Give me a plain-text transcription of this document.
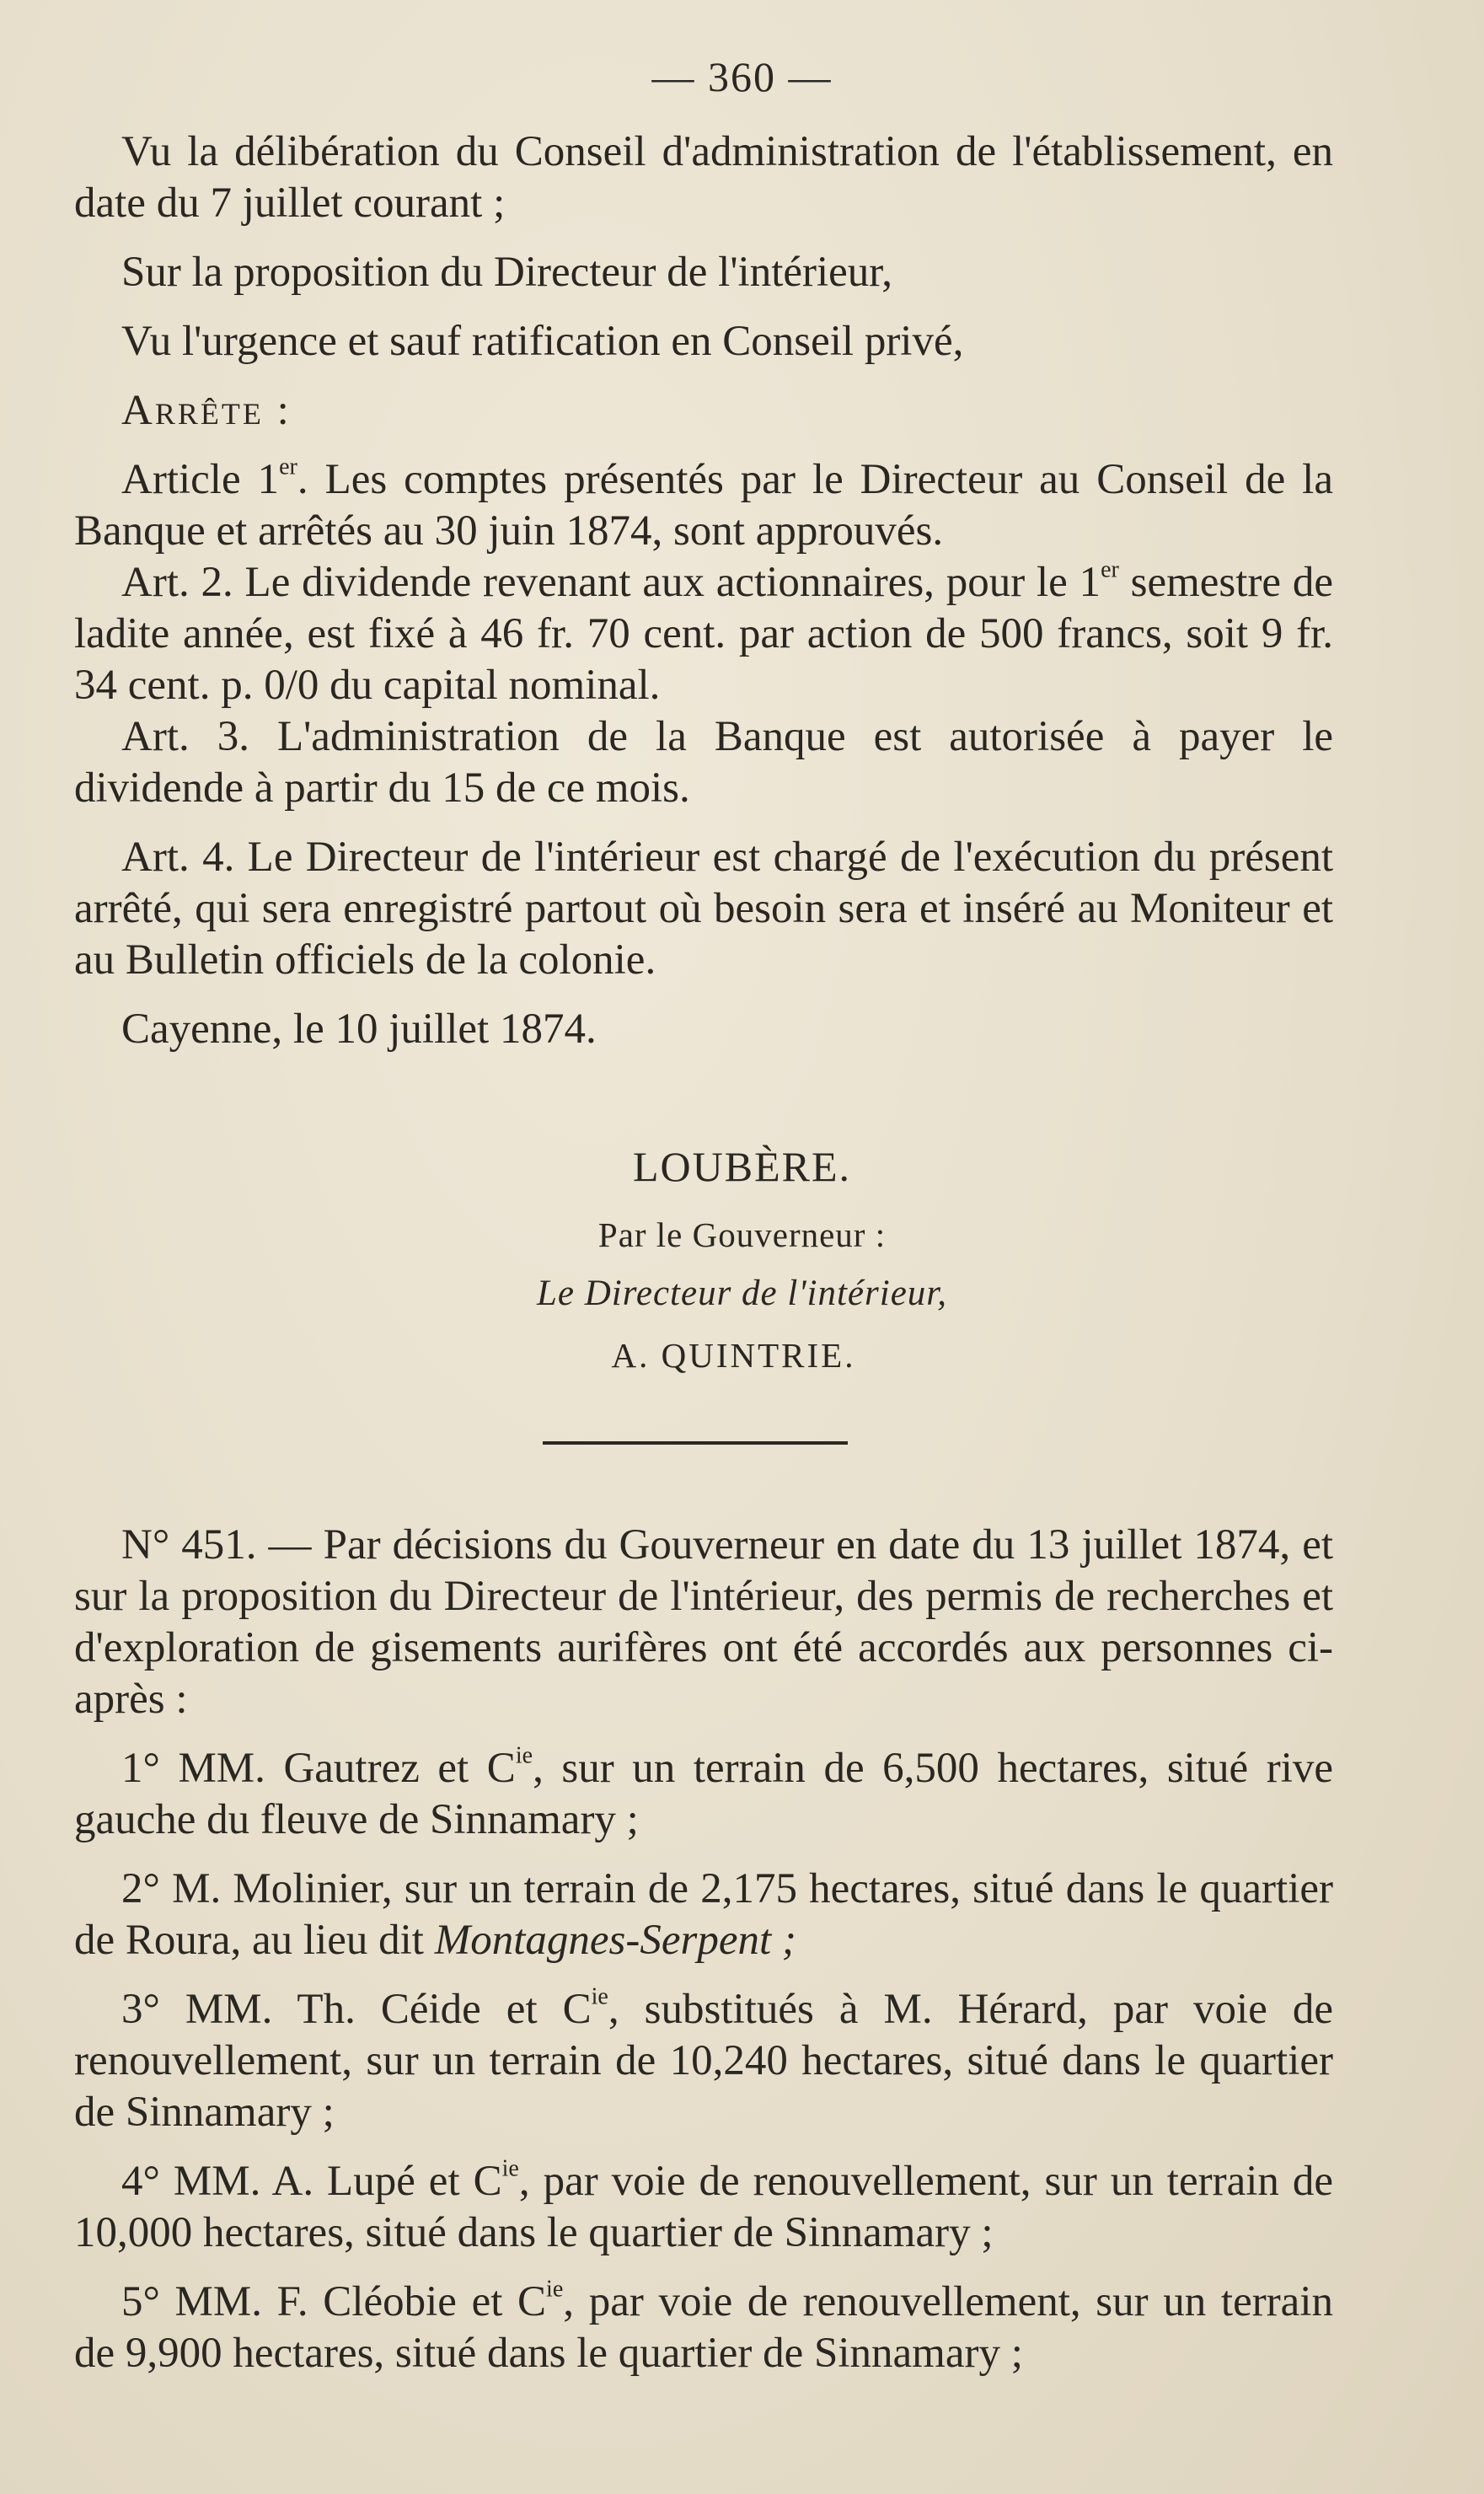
— 360 —

Vu la délibération du Conseil d'administration de l'établissement, en date du 7 juillet courant ;

Sur la proposition du Directeur de l'intérieur,

Vu l'urgence et sauf ratification en Conseil privé,

Arrête :

Article 1er. Les comptes présentés par le Directeur au Conseil de la Banque et arrêtés au 30 juin 1874, sont approuvés.

Art. 2. Le dividende revenant aux actionnaires, pour le 1er semestre de ladite année, est fixé à 46 fr. 70 cent. par action de 500 francs, soit 9 fr. 34 cent. p. 0/0 du capital nominal.

Art. 3. L'administration de la Banque est autorisée à payer le dividende à partir du 15 de ce mois.

Art. 4. Le Directeur de l'intérieur est chargé de l'exécution du présent arrêté, qui sera enregistré partout où besoin sera et inséré au Moniteur et au Bulletin officiels de la colonie.

Cayenne, le 10 juillet 1874.

LOUBÈRE.
Par le Gouverneur :
Le Directeur de l'intérieur,
A. QUINTRIE.

N° 451. — Par décisions du Gouverneur en date du 13 juillet 1874, et sur la proposition du Directeur de l'intérieur, des permis de recherches et d'exploration de gisements aurifères ont été accordés aux personnes ci-après :

1° MM. Gautrez et $C^{ie}$, sur un terrain de 6,500 hectares, situé rive gauche du fleuve de Sinnamary ;

2° M. Molinier, sur un terrain de 2,175 hectares, situé dans le quartier de Roura, au lieu dit Montagnes-Serpent ;

3° MM. Th. Céide et $C^{ie}$, substitués à M. Hérard, par voie de renouvellement, sur un terrain de 10,240 hectares, situé dans le quartier de Sinnamary ;

4° MM. A. Lupé et $C^{ie}$, par voie de renouvellement, sur un terrain de 10,000 hectares, situé dans le quartier de Sinnamary ;

5° MM. F. Cléobie et $C^{ie}$, par voie de renouvellement, sur un terrain de 9,900 hectares, situé dans le quartier de Sinnamary ;
